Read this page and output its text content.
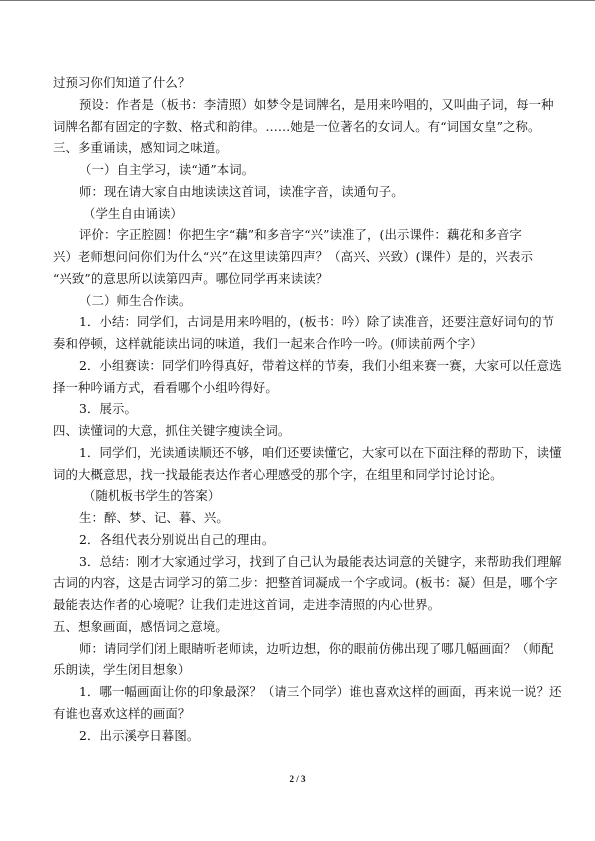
过预习你们知道了什么？
预设：作者是（板书：李清照）如梦令是词牌名，是用来吟唱的，又叫曲子词，每一种
词牌名都有固定的字数、格式和韵律。……她是一位著名的女词人。有“词国女皇”之称。
三、多重诵读，感知词之味道。
（一）自主学习，读“通”本词。
师：现在请大家自由地读读这首词，读准字音，读通句子。
（学生自由诵读）
评价：字正腔圆！你把生字“藕”和多音字“兴”读准了，(出示课件：藕花和多音字
兴）老师想问问你们为什么“兴”在这里读第四声？（高兴、兴致）(课件）是的，兴表示
“兴致”的意思所以读第四声。哪位同学再来读读？
（二）师生合作读。
1．小结：同学们，古词是用来吟唱的，(板书：吟）除了读准音，还要注意好词句的节
奏和停顿，这样就能读出词的味道，我们一起来合作吟一吟。(师读前两个字）
2．小组赛读：同学们吟得真好，带着这样的节奏，我们小组来赛一赛，大家可以任意选
择一种吟诵方式，看看哪个小组吟得好。
3．展示。
四、读懂词的大意，抓住关键字瘦读全词。
1．同学们，光读通读顺还不够，咱们还要读懂它，大家可以在下面注释的帮助下，读懂
词的大概意思，找一找最能表达作者心理感受的那个字，在组里和同学讨论讨论。
（随机板书学生的答案）
生：醉、梦、记、暮、兴。
2．各组代表分别说出自己的理由。
3．总结：刚才大家通过学习，找到了自己认为最能表达词意的关键字，来帮助我们理解
古词的内容，这是古词学习的第二步：把整首词凝成一个字或词。(板书：凝）但是，哪个字
最能表达作者的心境呢？让我们走进这首词，走进李清照的内心世界。
五、想象画面，感悟词之意境。
师：请同学们闭上眼睛听老师读，边听边想，你的眼前仿佛出现了哪几幅画面？（师配
乐朗读，学生闭目想象）
1．哪一幅画面让你的印象最深？（请三个同学）谁也喜欢这样的画面，再来说一说？还
有谁也喜欢这样的画面？
2．出示溪亭日暮图。
2 / 3
